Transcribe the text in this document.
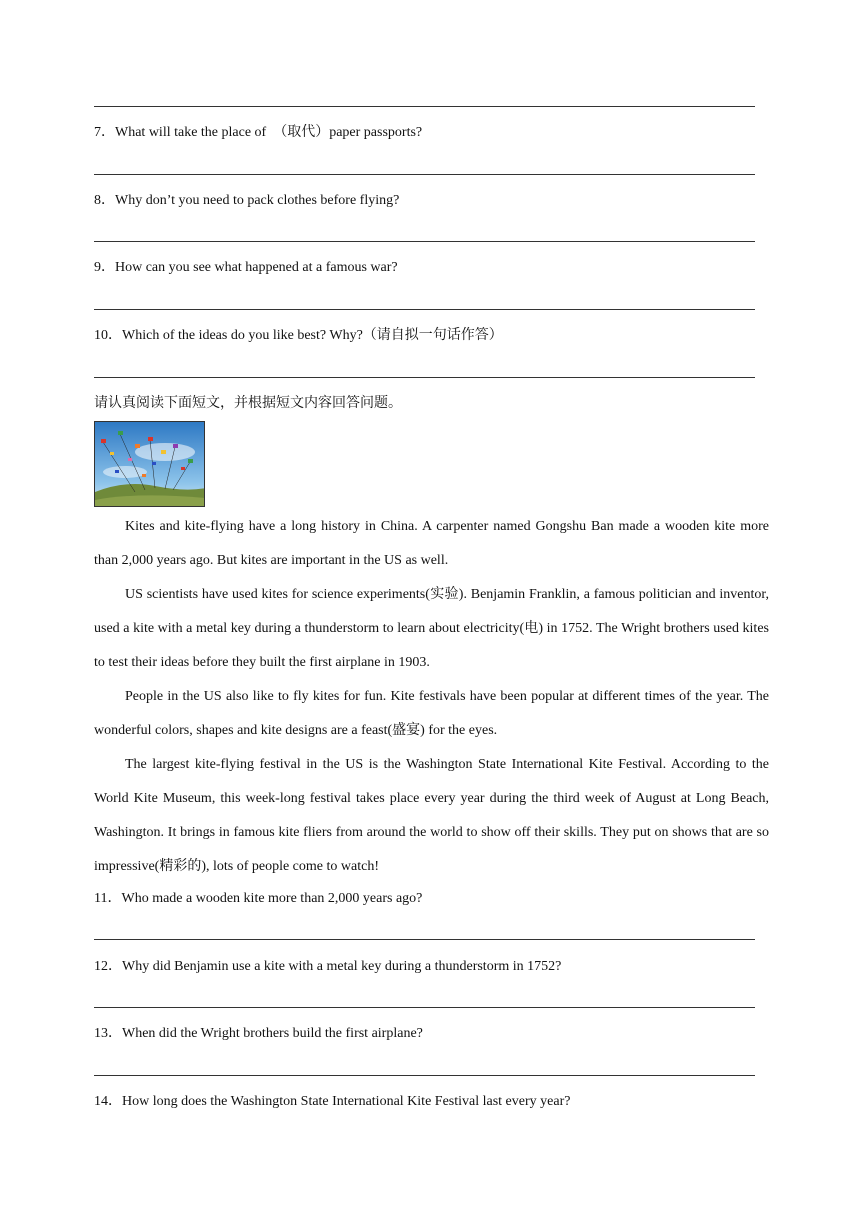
7．What will take the place of  （取代）paper passports?
8．Why don’t you need to pack clothes before flying?
9．How can you see what happened at a famous war?
10．Which of the ideas do you like best? Why?（请自拟一句话作答）
请认真阅读下面短文，并根据短文内容回答问题。

Kites and kite-flying have a long history in China. A carpenter named Gongshu Ban made a wooden kite more than 2,000 years ago. But kites are important in the US as well.

US scientists have used kites for science experiments(实验). Benjamin Franklin, a famous politician and inventor, used a kite with a metal key during a thunderstorm to learn about electricity(电) in 1752. The Wright brothers used kites to test their ideas before they built the first airplane in 1903.

People in the US also like to fly kites for fun. Kite festivals have been popular at different times of the year. The wonderful colors, shapes and kite designs are a feast(盛宴) for the eyes.

The largest kite-flying festival in the US is the Washington State International Kite Festival. According to the World Kite Museum, this week-long festival takes place every year during the third week of August at Long Beach, Washington. It brings in famous kite fliers from around the world to show off their skills. They put on shows that are so impressive(精彩的), lots of people come to watch!

11．Who made a wooden kite more than 2,000 years ago?
12．Why did Benjamin use a kite with a metal key during a thunderstorm in 1752?
13．When did the Wright brothers build the first airplane?
14．How long does the Washington State International Kite Festival last every year?
